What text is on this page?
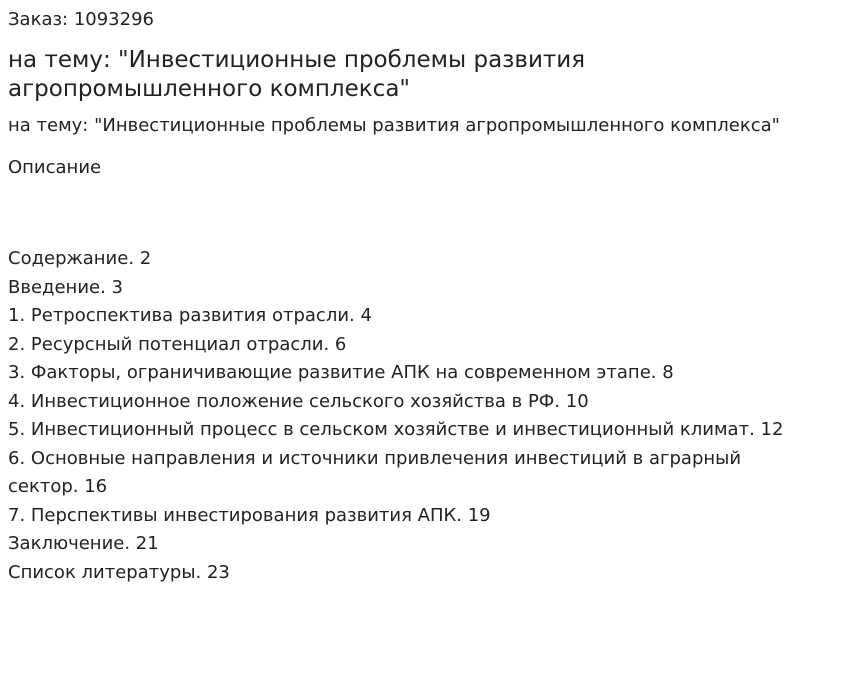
Заказ: 1093296

на тему: "Инвестиционные проблемы развития агропромышленного комплекса"

на тему: "Инвестиционные проблемы развития агропромышленного комплекса"

Описание

Содержание. 2
Введение. 3
1. Ретроспектива развития отрасли. 4
2. Ресурсный потенциал отрасли. 6
3. Факторы, ограничивающие развитие АПК на современном этапе. 8
4. Инвестиционное положение сельского хозяйства в РФ. 10
5. Инвестиционный процесс в сельском хозяйстве и инвестиционный климат. 12
6. Основные направления и источники привлечения инвестиций в аграрный сектор. 16
7. Перспективы инвестирования развития АПК. 19
Заключение. 21
Список литературы. 23
